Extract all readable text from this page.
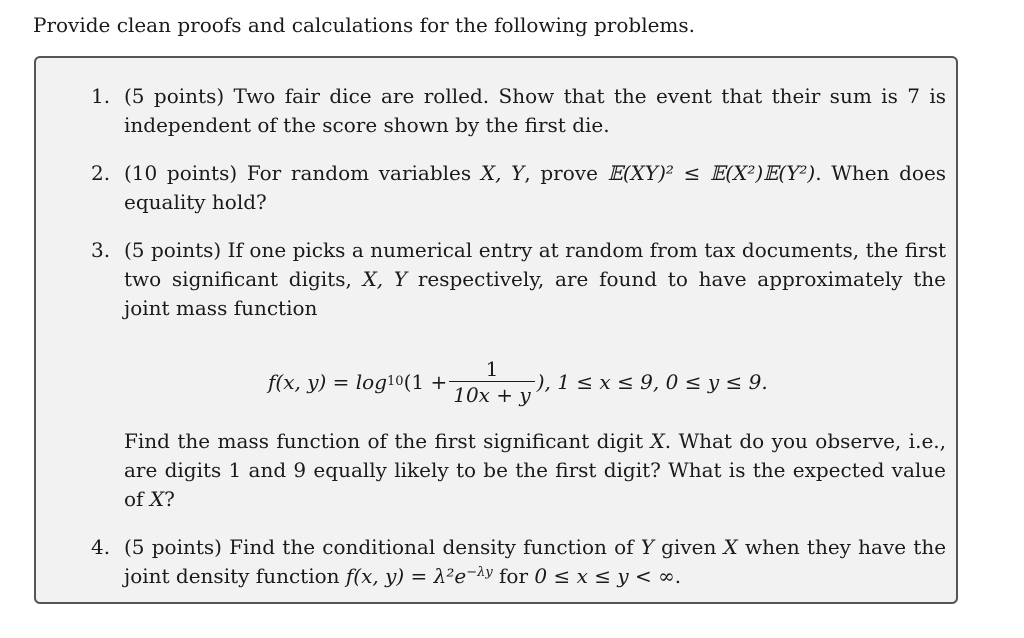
Provide clean proofs and calculations for the following problems.
1. (5 points) Two fair dice are rolled. Show that the event that their sum is 7 is independent of the score shown by the first die.

2. (10 points) For random variables X, Y, prove 𝔼(XY)² ≤ 𝔼(X²)𝔼(Y²). When does equality hold?

3. (5 points) If one picks a numerical entry at random from tax documents, the first two significant digits, X, Y respectively, are found to have approximately the joint mass function

f(x, y) = log 10 ($1 + \frac{1}{10x + y}$ ), 1 ≤ x ≤ 9, 0 ≤ y ≤ 9.

Find the mass function of the first significant digit X. What do you observe, i.e., are digits 1 and 9 equally likely to be the first digit? What is the expected value of X?

4. (5 points) Find the conditional density function of Y given X when they have the joint density function f(x, $y) = \lambda^2e^{-\lambda y}$ for 0 ≤ x ≤ y < ∞.
